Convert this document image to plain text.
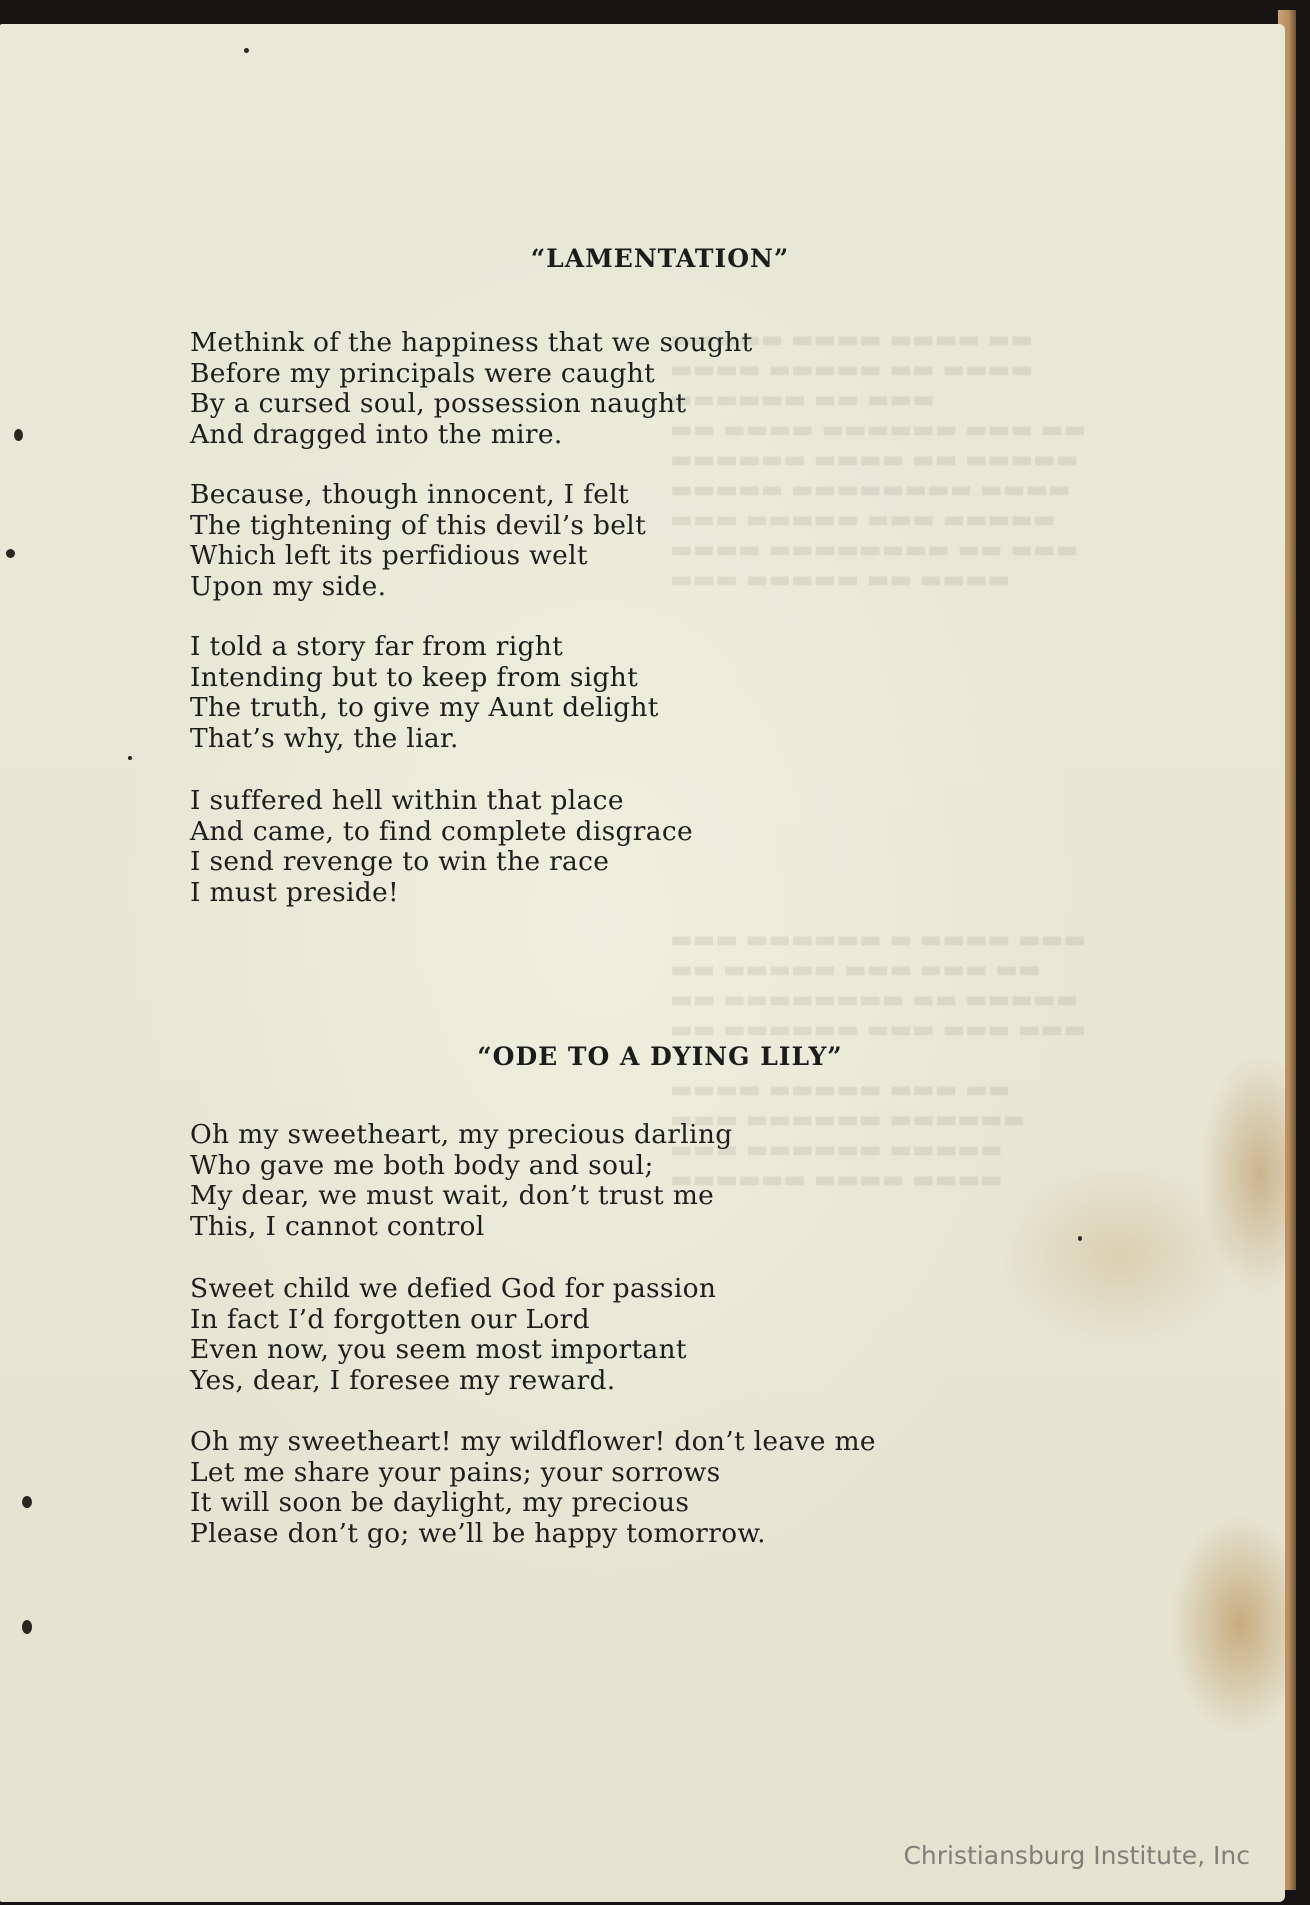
▬▬▬▬▬ ▬▬▬▬ ▬▬▬▬ ▬▬
▬▬▬▬ ▬▬▬▬▬ ▬▬ ▬▬▬▬
▬▬▬▬▬▬ ▬▬ ▬▬▬
▬▬ ▬▬▬▬ ▬▬▬▬▬▬ ▬▬▬ ▬▬
▬▬▬▬▬▬ ▬▬▬▬ ▬▬ ▬▬▬▬▬
▬▬▬▬▬ ▬▬▬▬▬▬▬▬ ▬▬▬▬
▬▬▬ ▬▬▬▬▬ ▬▬▬ ▬▬▬▬▬
▬▬▬▬ ▬▬▬▬▬▬▬▬ ▬▬ ▬▬▬
▬▬▬ ▬▬▬▬▬ ▬▬ ▬▬▬▬
▬▬▬ ▬▬▬▬▬▬ ▬ ▬▬▬▬ ▬▬▬
▬▬ ▬▬▬▬▬ ▬▬▬ ▬▬▬ ▬▬
▬▬ ▬▬▬▬▬▬▬▬ ▬▬ ▬▬▬▬▬
▬▬ ▬▬▬▬▬▬ ▬▬▬ ▬▬▬ ▬▬▬

▬▬▬▬ ▬▬▬▬▬ ▬▬▬ ▬▬
▬▬▬ ▬▬▬▬▬▬ ▬▬▬▬▬▬
▬▬▬ ▬▬▬▬▬▬ ▬▬▬▬▬
▬▬▬▬▬▬ ▬▬▬▬ ▬▬▬▬
“LAMENTATION”

Methink of the happiness that we sought
Before my principals were caught
By a cursed soul, possession naught
And dragged into the mire.

Because, though innocent, I felt
The tightening of this devil’s belt
Which left its perfidious welt
Upon my side.

I told a story far from right
Intending but to keep from sight
The truth, to give my Aunt delight
That’s why, the liar.

I suffered hell within that place
And came, to find complete disgrace
I send revenge to win the race
I must preside!

“ODE TO A DYING LILY”

Oh my sweetheart, my precious darling
Who gave me both body and soul;
My dear, we must wait, don’t trust me
This, I cannot control

Sweet child we defied God for passion
In fact I’d forgotten our Lord
Even now, you seem most important
Yes, dear, I foresee my reward.

Oh my sweetheart! my wildflower! don’t leave me
Let me share your pains; your sorrows
It will soon be daylight, my precious
Please don’t go; we’ll be happy tomorrow.

Christiansburg Institute, Inc
